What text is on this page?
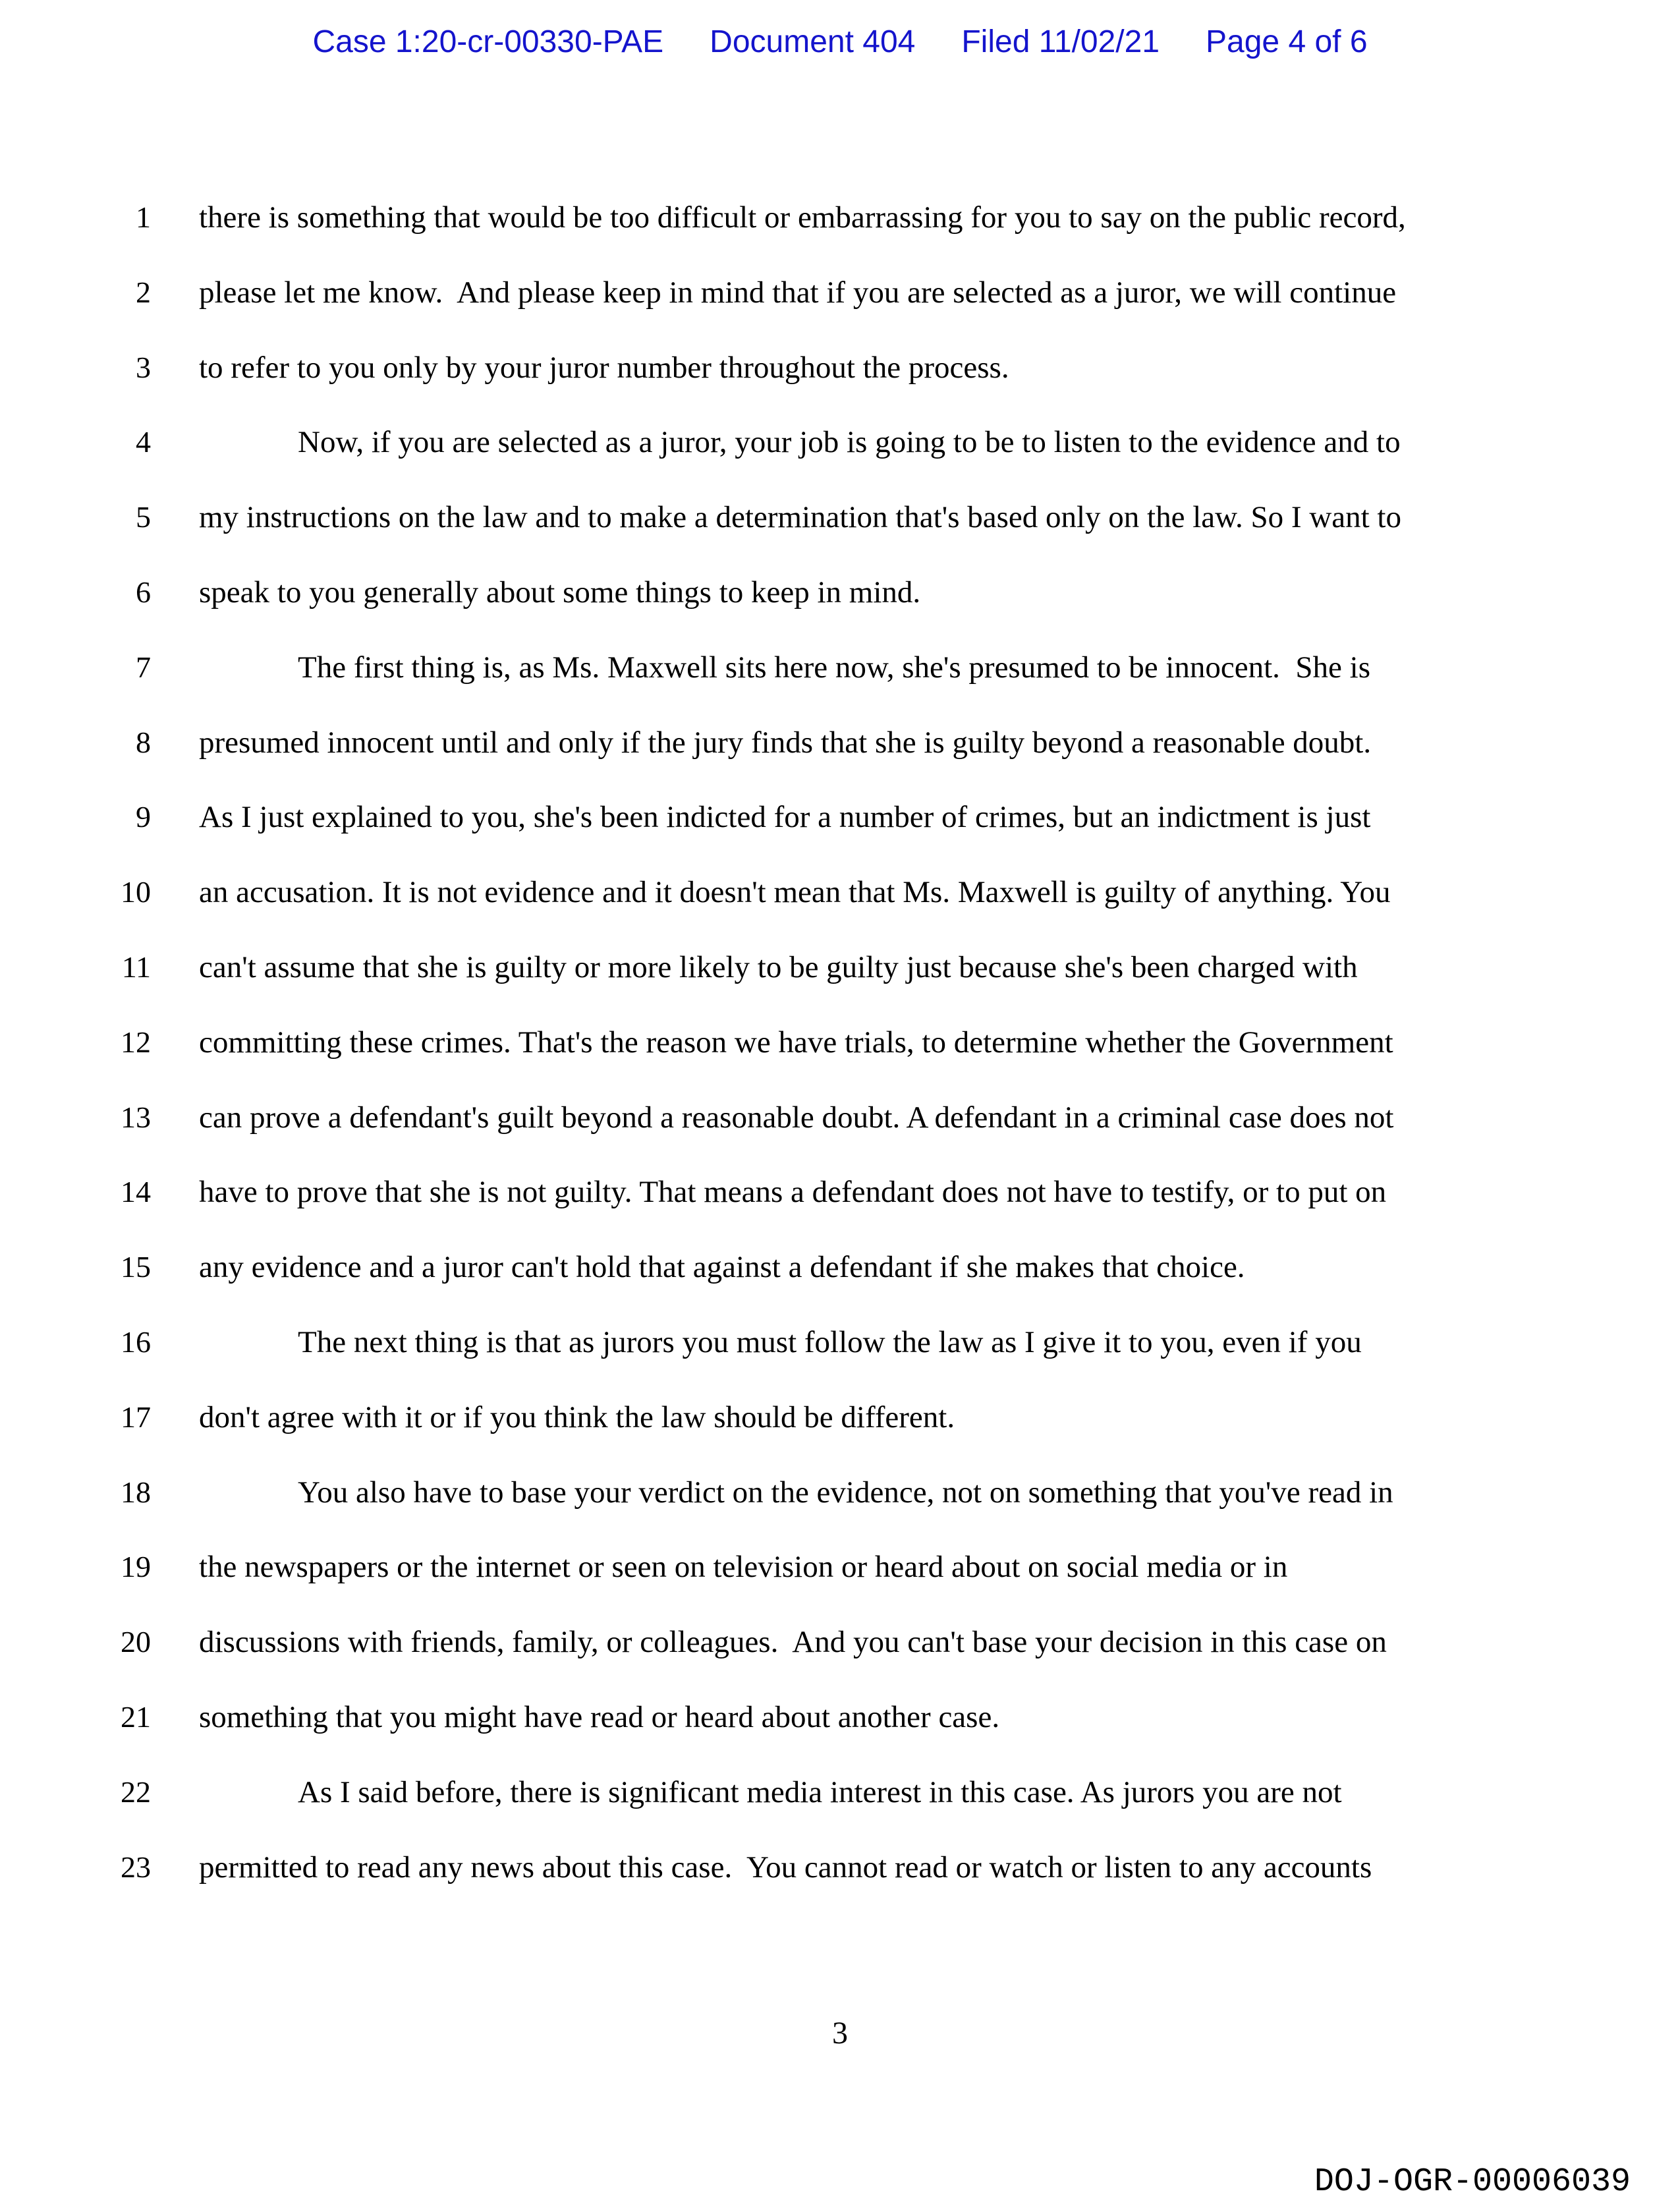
Case 1:20-cr-00330-PAE Document 404 Filed 11/02/21 Page 4 of 6
1 there is something that would be too difficult or embarrassing for you to say on the public record,
2 please let me know.  And please keep in mind that if you are selected as a juror, we will continue
3 to refer to you only by your juror number throughout the process.
4	Now, if you are selected as a juror, your job is going to be to listen to the evidence and to
5 my instructions on the law and to make a determination that's based only on the law. So I want to
6 speak to you generally about some things to keep in mind.
7	The first thing is, as Ms. Maxwell sits here now, she's presumed to be innocent.  She is
8 presumed innocent until and only if the jury finds that she is guilty beyond a reasonable doubt.
9 As I just explained to you, she's been indicted for a number of crimes, but an indictment is just
10 an accusation. It is not evidence and it doesn't mean that Ms. Maxwell is guilty of anything. You
11 can't assume that she is guilty or more likely to be guilty just because she's been charged with
12 committing these crimes. That's the reason we have trials, to determine whether the Government
13 can prove a defendant's guilt beyond a reasonable doubt. A defendant in a criminal case does not
14 have to prove that she is not guilty. That means a defendant does not have to testify, or to put on
15 any evidence and a juror can't hold that against a defendant if she makes that choice.
16	The next thing is that as jurors you must follow the law as I give it to you, even if you
17 don't agree with it or if you think the law should be different.
18	You also have to base your verdict on the evidence, not on something that you've read in
19 the newspapers or the internet or seen on television or heard about on social media or in
20 discussions with friends, family, or colleagues.  And you can't base your decision in this case on
21 something that you might have read or heard about another case.
22	As I said before, there is significant media interest in this case. As jurors you are not
23 permitted to read any news about this case.  You cannot read or watch or listen to any accounts
3
DOJ-OGR-00006039
